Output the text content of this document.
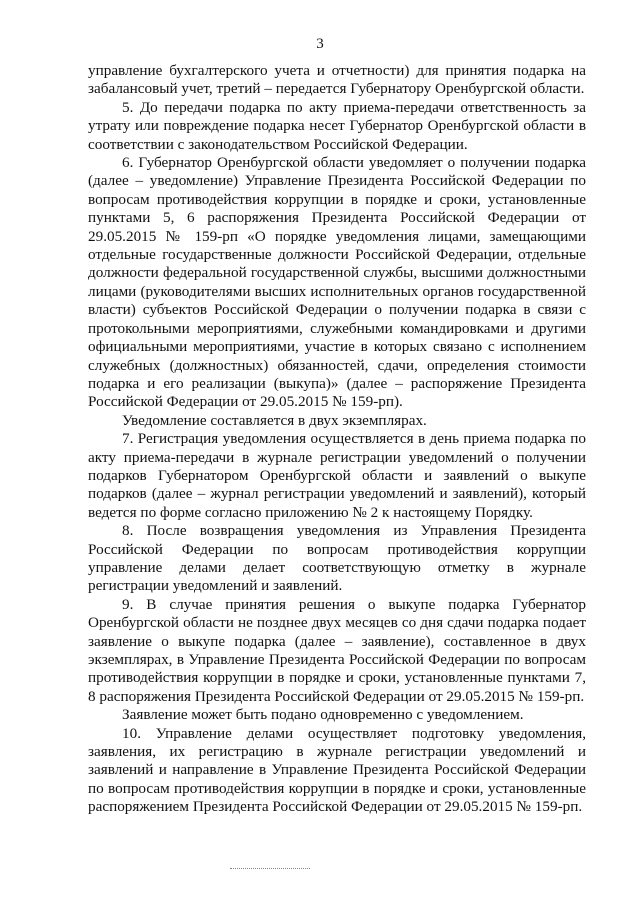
3

управление бухгалтерского учета и отчетности) для принятия подарка на забалансовый учет, третий – передается Губернатору Оренбургской области.

5. До передачи подарка по акту приема-передачи ответственность за утрату или повреждение подарка несет Губернатор Оренбургской области в соответствии с законодательством Российской Федерации.

6. Губернатор Оренбургской области уведомляет о получении подарка (далее – уведомление) Управление Президента Российской Федерации по вопросам противодействия коррупции в порядке и сроки, установленные пунктами 5, 6 распоряжения Президента Российской Федерации от 29.05.2015 № 159-рп «О порядке уведомления лицами, замещающими отдельные государственные должности Российской Федерации, отдельные должности федеральной государственной службы, высшими должностными лицами (руководителями высших исполнительных органов государственной власти) субъектов Российской Федерации о получении подарка в связи с протокольными мероприятиями, служебными командировками и другими официальными мероприятиями, участие в которых связано с исполнением служебных (должностных) обязанностей, сдачи, определения стоимости подарка и его реализации (выкупа)» (далее – распоряжение Президента Российской Федерации от 29.05.2015 № 159-рп).

Уведомление составляется в двух экземплярах.

7. Регистрация уведомления осуществляется в день приема подарка по акту приема-передачи в журнале регистрации уведомлений о получении подарков Губернатором Оренбургской области и заявлений о выкупе подарков (далее – журнал регистрации уведомлений и заявлений), который ведется по форме согласно приложению № 2 к настоящему Порядку.

8. После возвращения уведомления из Управления Президента Российской Федерации по вопросам противодействия коррупции управление делами делает соответствующую отметку в журнале регистрации уведомлений и заявлений.

9. В случае принятия решения о выкупе подарка Губернатор Оренбургской области не позднее двух месяцев со дня сдачи подарка подает заявление о выкупе подарка (далее – заявление), составленное в двух экземплярах, в Управление Президента Российской Федерации по вопросам противодействия коррупции в порядке и сроки, установленные пунктами 7, 8 распоряжения Президента Российской Федерации от 29.05.2015 № 159-рп.

Заявление может быть подано одновременно с уведомлением.

10. Управление делами осуществляет подготовку уведомления, заявления, их регистрацию в журнале регистрации уведомлений и заявлений и направление в Управление Президента Российской Федерации по вопросам противодействия коррупции в порядке и сроки, установленные распоряжением Президента Российской Федерации от 29.05.2015 № 159-рп.
